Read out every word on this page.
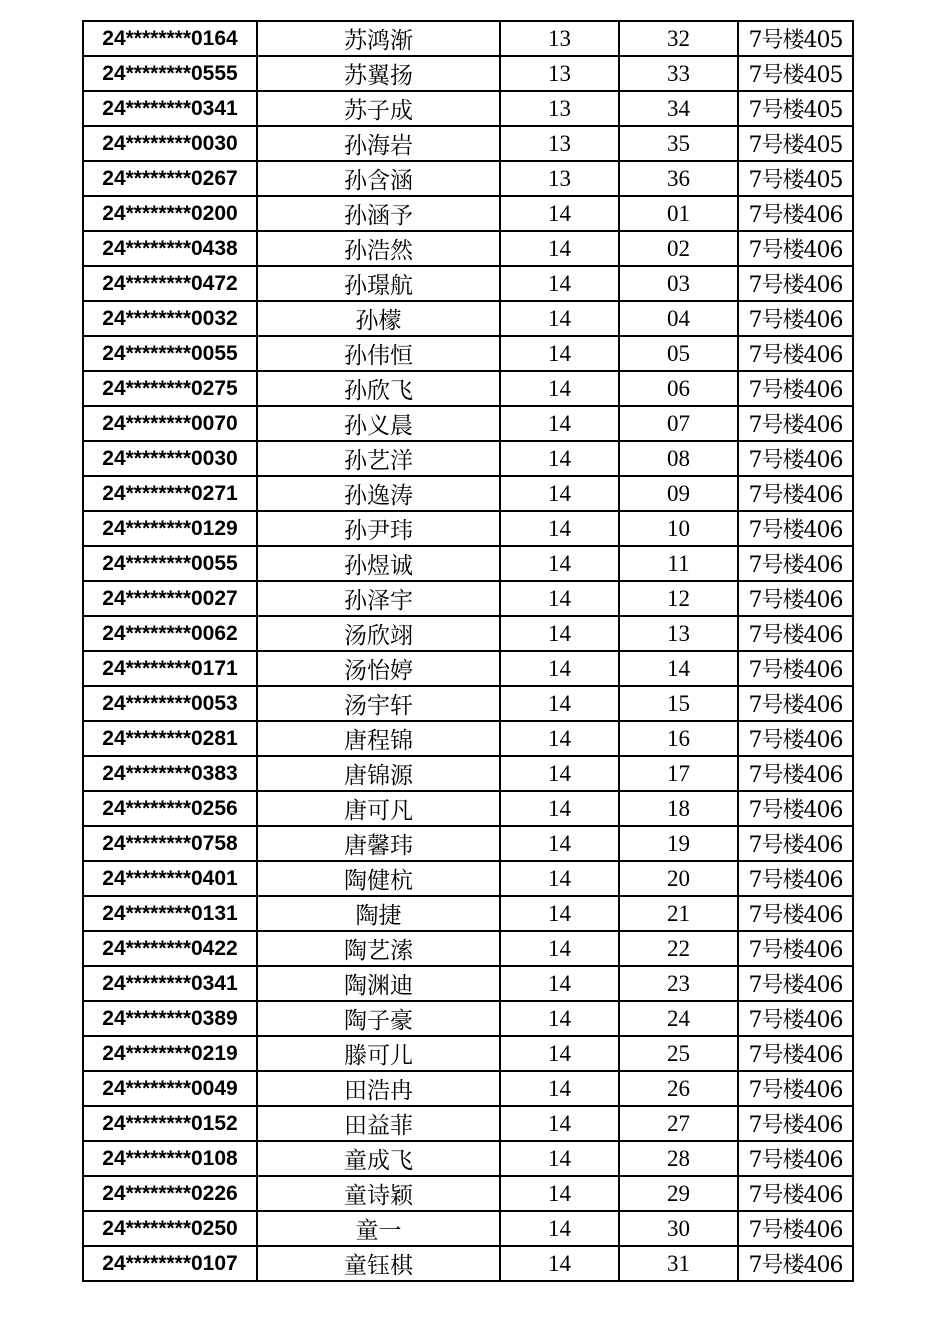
24********0164	苏鸿渐	13	32	7号楼405
24********0555	苏翼扬	13	33	7号楼405
24********0341	苏子成	13	34	7号楼405
24********0030	孙海岩	13	35	7号楼405
24********0267	孙含涵	13	36	7号楼405
24********0200	孙涵予	14	01	7号楼406
24********0438	孙浩然	14	02	7号楼406
24********0472	孙璟航	14	03	7号楼406
24********0032	孙檬	14	04	7号楼406
24********0055	孙伟恒	14	05	7号楼406
24********0275	孙欣飞	14	06	7号楼406
24********0070	孙义晨	14	07	7号楼406
24********0030	孙艺洋	14	08	7号楼406
24********0271	孙逸涛	14	09	7号楼406
24********0129	孙尹玮	14	10	7号楼406
24********0055	孙煜诚	14	11	7号楼406
24********0027	孙泽宇	14	12	7号楼406
24********0062	汤欣翊	14	13	7号楼406
24********0171	汤怡婷	14	14	7号楼406
24********0053	汤宇轩	14	15	7号楼406
24********0281	唐程锦	14	16	7号楼406
24********0383	唐锦源	14	17	7号楼406
24********0256	唐可凡	14	18	7号楼406
24********0758	唐馨玮	14	19	7号楼406
24********0401	陶健杭	14	20	7号楼406
24********0131	陶捷	14	21	7号楼406
24********0422	陶艺溹	14	22	7号楼406
24********0341	陶渊迪	14	23	7号楼406
24********0389	陶子豪	14	24	7号楼406
24********0219	滕可儿	14	25	7号楼406
24********0049	田浩冉	14	26	7号楼406
24********0152	田益菲	14	27	7号楼406
24********0108	童成飞	14	28	7号楼406
24********0226	童诗颖	14	29	7号楼406
24********0250	童一	14	30	7号楼406
24********0107	童钰棋	14	31	7号楼406
